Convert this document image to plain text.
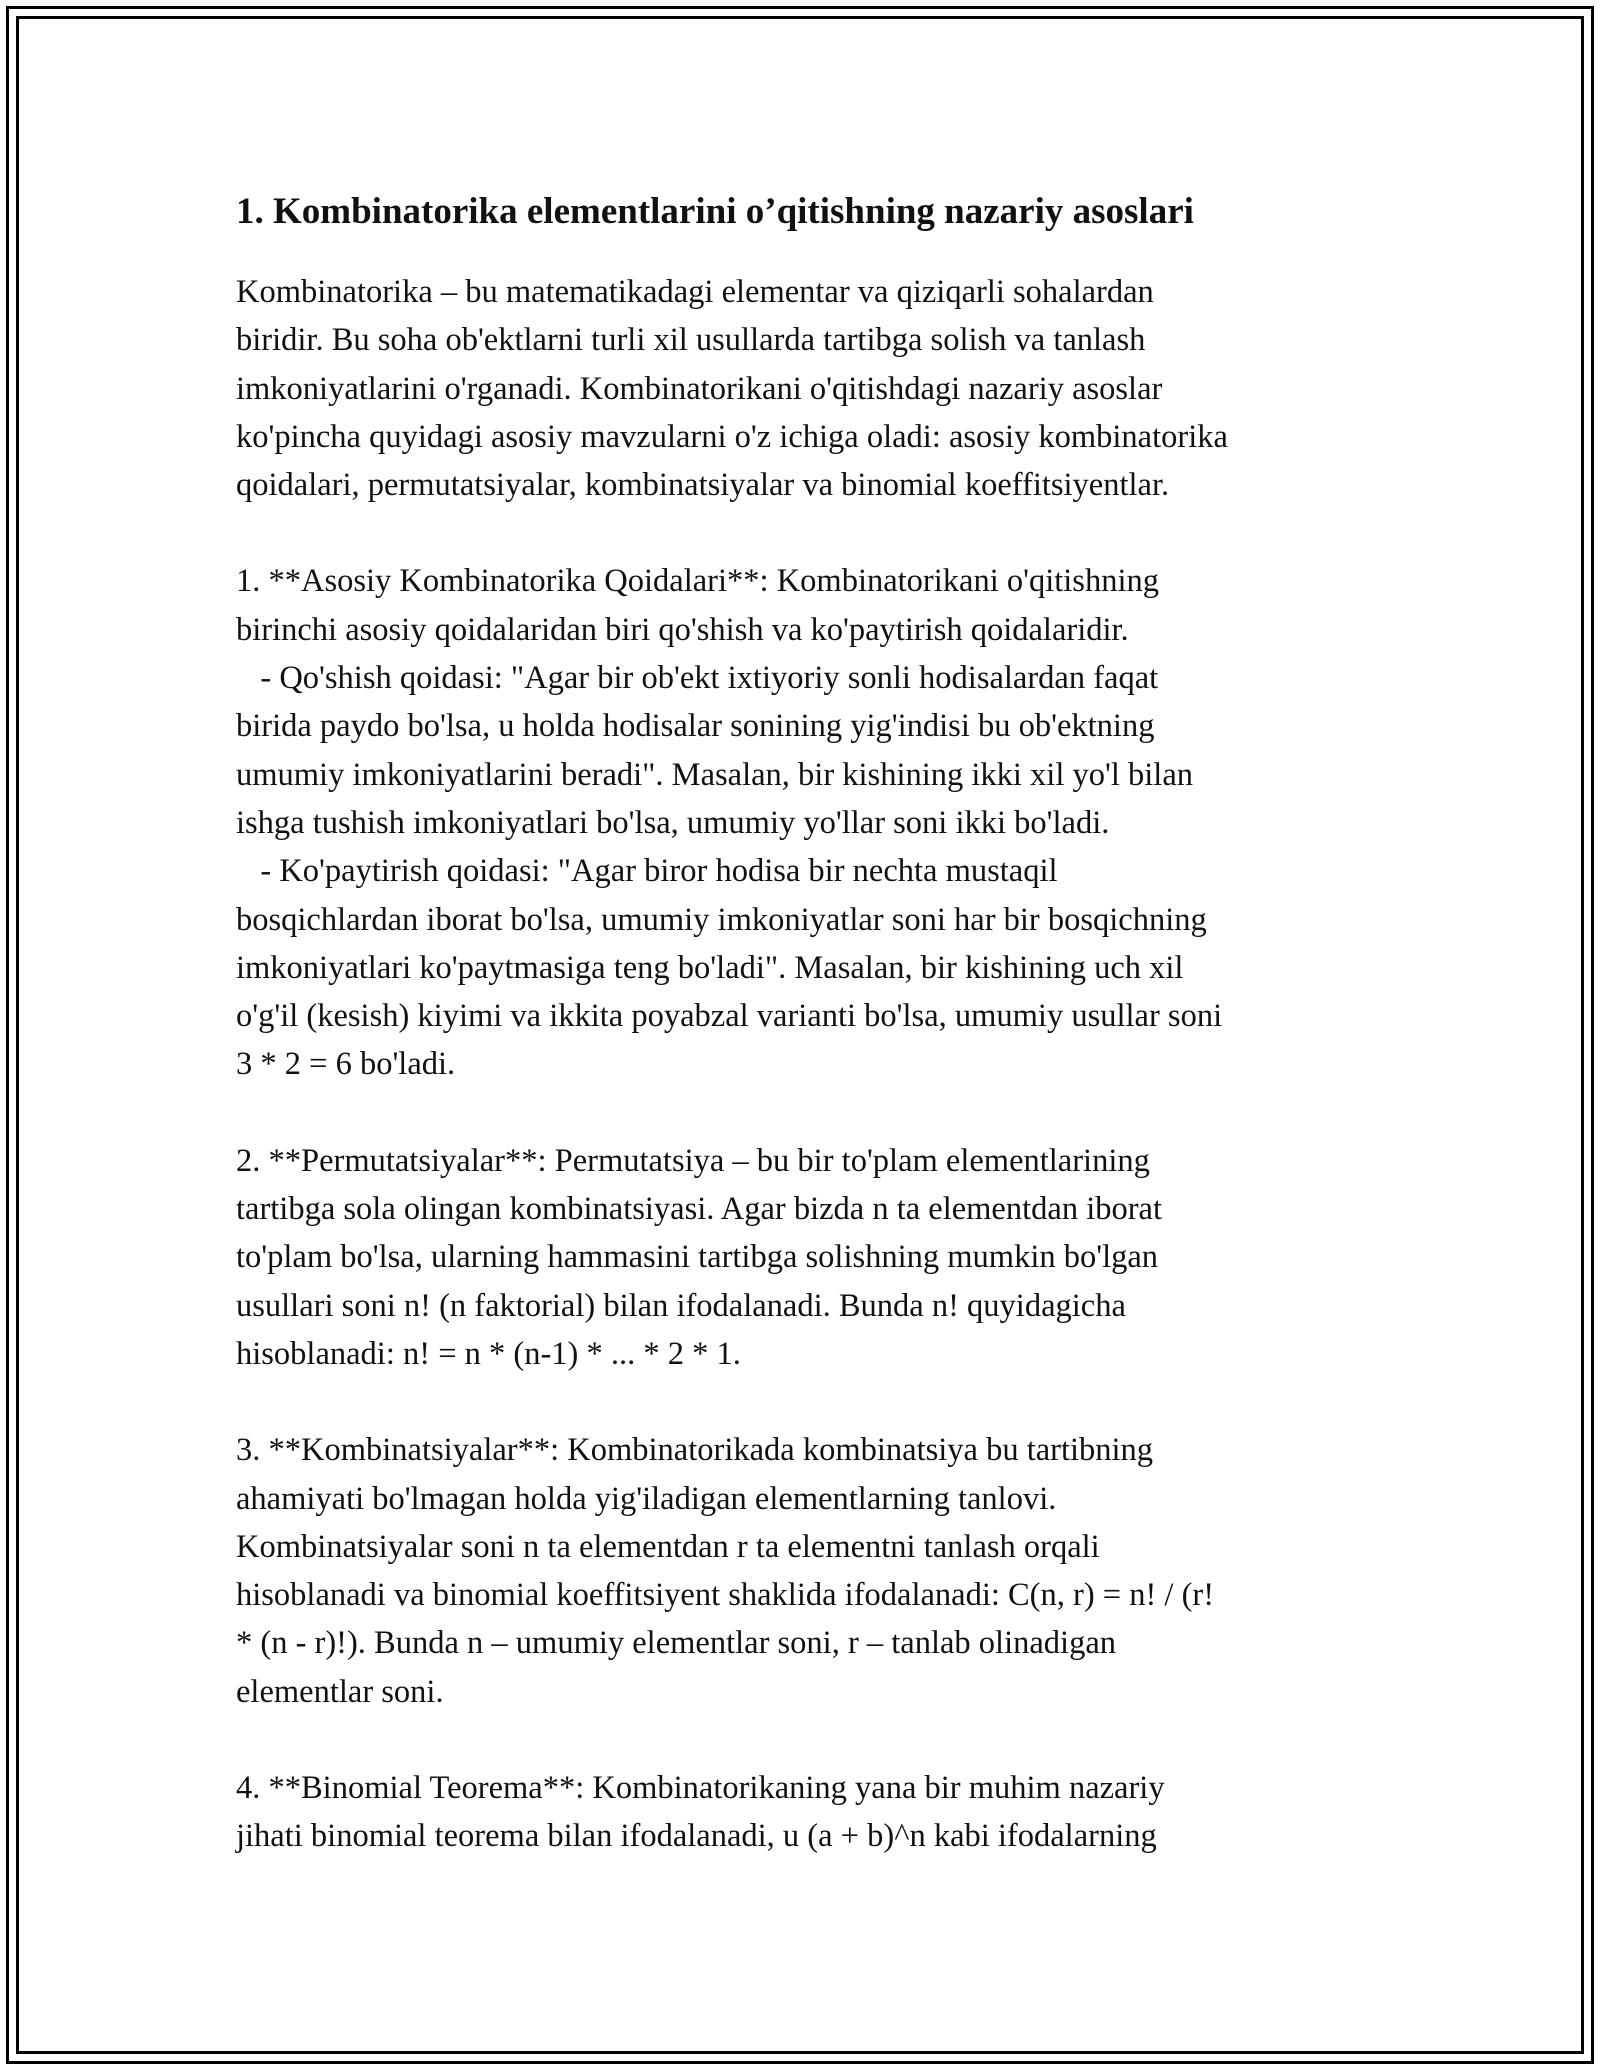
1. Kombinatorika elementlarini o’qitishning nazariy asoslari

Kombinatorika – bu matematikadagi elementar va qiziqarli sohalardan
biridir. Bu soha ob'ektlarni turli xil usullarda tartibga solish va tanlash
imkoniyatlarini o'rganadi. Kombinatorikani o'qitishdagi nazariy asoslar
ko'pincha quyidagi asosiy mavzularni o'z ichiga oladi: asosiy kombinatorika
qoidalari, permutatsiyalar, kombinatsiyalar va binomial koeffitsiyentlar.

1. **Asosiy Kombinatorika Qoidalari**: Kombinatorikani o'qitishning
birinchi asosiy qoidalaridan biri qo'shish va ko'paytirish qoidalaridir.
- Qo'shish qoidasi: "Agar bir ob'ekt ixtiyoriy sonli hodisalardan faqat
birida paydo bo'lsa, u holda hodisalar sonining yig'indisi bu ob'ektning
umumiy imkoniyatlarini beradi". Masalan, bir kishining ikki xil yo'l bilan
ishga tushish imkoniyatlari bo'lsa, umumiy yo'llar soni ikki bo'ladi.
- Ko'paytirish qoidasi: "Agar biror hodisa bir nechta mustaqil
bosqichlardan iborat bo'lsa, umumiy imkoniyatlar soni har bir bosqichning
imkoniyatlari ko'paytmasiga teng bo'ladi". Masalan, bir kishining uch xil
o'g'il (kesish) kiyimi va ikkita poyabzal varianti bo'lsa, umumiy usullar soni
3 * 2 = 6 bo'ladi.

2. **Permutatsiyalar**: Permutatsiya – bu bir to'plam elementlarining
tartibga sola olingan kombinatsiyasi. Agar bizda n ta elementdan iborat
to'plam bo'lsa, ularning hammasini tartibga solishning mumkin bo'lgan
usullari soni n! (n faktorial) bilan ifodalanadi. Bunda n! quyidagicha
hisoblanadi: n! = n * (n-1) * ... * 2 * 1.

3. **Kombinatsiyalar**: Kombinatorikada kombinatsiya bu tartibning
ahamiyati bo'lmagan holda yig'iladigan elementlarning tanlovi.
Kombinatsiyalar soni n ta elementdan r ta elementni tanlash orqali
hisoblanadi va binomial koeffitsiyent shaklida ifodalanadi: C(n, r) = n! / (r!
* (n - r)!). Bunda n – umumiy elementlar soni, r – tanlab olinadigan
elementlar soni.

4. **Binomial Teorema**: Kombinatorikaning yana bir muhim nazariy
jihati binomial teorema bilan ifodalanadi, u (a + b)^n kabi ifodalarning
